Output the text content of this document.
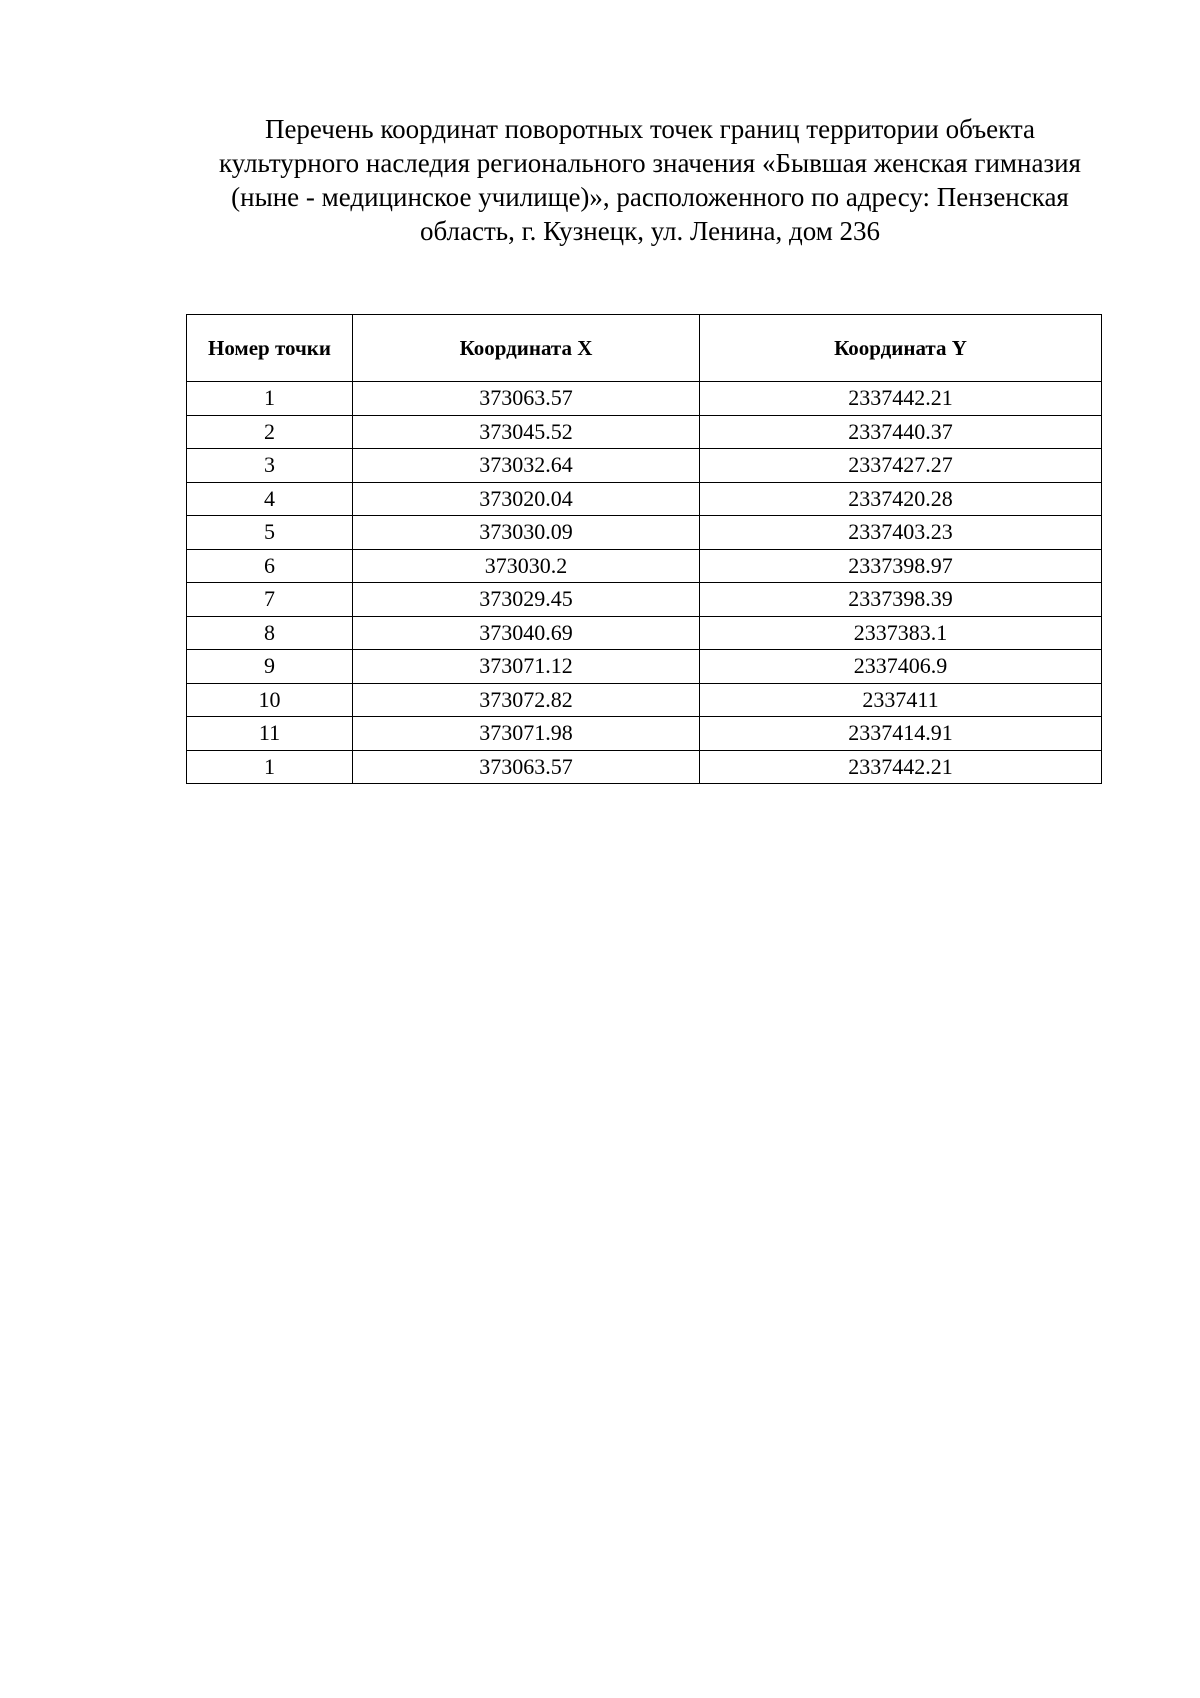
Перечень координат поворотных точек границ территории объекта
культурного наследия регионального значения «Бывшая женская гимназия
(ныне - медицинское училище)», расположенного по адресу: Пензенская
область, г. Кузнецк, ул. Ленина, дом 236
Номер точки	Координата X	Координата Y
1	373063.57	2337442.21
2	373045.52	2337440.37
3	373032.64	2337427.27
4	373020.04	2337420.28
5	373030.09	2337403.23
6	373030.2	2337398.97
7	373029.45	2337398.39
8	373040.69	2337383.1
9	373071.12	2337406.9
10	373072.82	2337411
11	373071.98	2337414.91
1	373063.57	2337442.21
